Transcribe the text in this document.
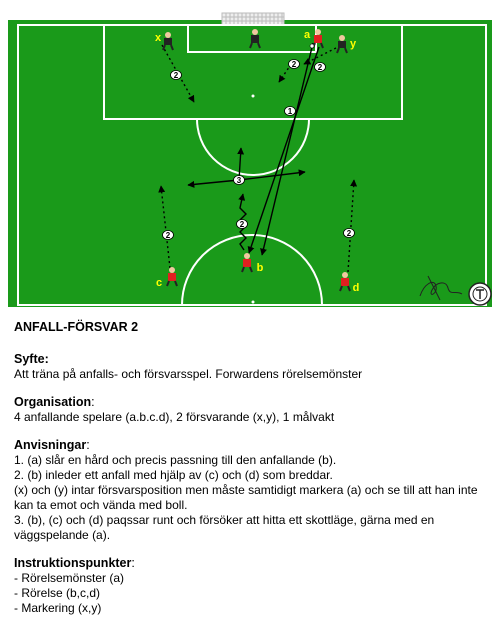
1
2
2	2
2
2	2
3
x	y
a
b
c	d

ANFALL-FÖRSVAR 2

Syfte:

Att träna på anfalls- och försvarsspel. Forwardens rörelsemönster

Organisation:

4 anfallande spelare (a.b.c.d), 2 försvarande (x,y), 1 målvakt

Anvisningar:

1. (a) slår en hård och precis passning till den anfallande (b).

2. (b) inleder ett anfall med hjälp av (c) och (d) som breddar.

(x) och (y) intar försvarsposition men måste samtidigt markera (a) och se till att han inte

kan ta emot och vända med boll.

3. (b), (c) och (d) paqssar runt och försöker att hitta ett skottläge, gärna med en

väggspelande (a).

Instruktionspunkter:

- Rörelsemönster (a)

- Rörelse (b,c,d)

- Markering (x,y)
